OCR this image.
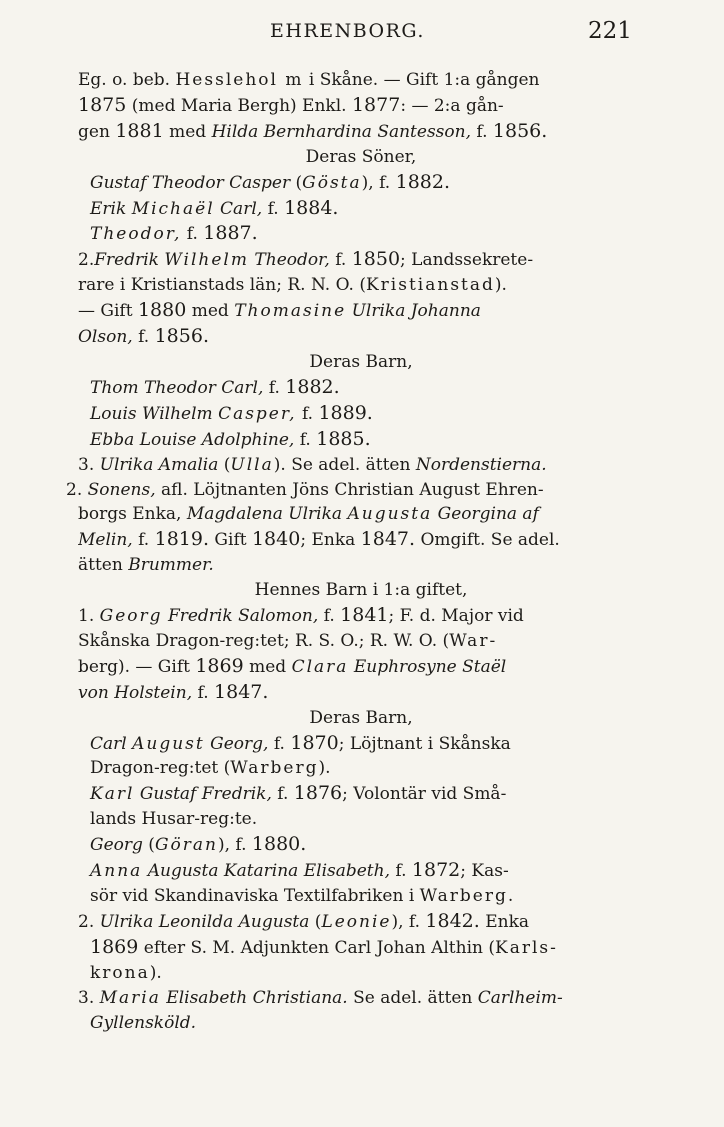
EHRENBORG.	221
Eg. o. beb. Hesslehol m i Skåne. — Gift 1:a gången
1875 (med Maria Bergh) Enkl. 1877: — 2:a gån-
gen 1881 med Hilda Bernhardina Santesson, f. 1856.
Deras Söner,
Gustaf Theodor Casper (Gösta), f. 1882.
Erik Michaël Carl, f. 1884.
Theodor, f. 1887.
2.Fredrik Wilhelm Theodor, f. 1850; Landssekrete-
rare i Kristianstads län; R. N. O. (Kristianstad).
— Gift 1880 med Thomasine Ulrika Johanna
Olson, f. 1856.
Deras Barn,
Thom Theodor Carl, f. 1882.
Louis Wilhelm Casper, f. 1889.
Ebba Louise Adolphine, f. 1885.
3. Ulrika Amalia (Ulla). Se adel. ätten Nordenstierna.
2. Sonens, afl. Löjtnanten Jöns Christian August Ehren-
borgs Enka, Magdalena Ulrika Augusta Georgina af
Melin, f. 1819. Gift 1840; Enka 1847. Omgift. Se adel.
ätten Brummer.
Hennes Barn i 1:a giftet,
1. Georg Fredrik Salomon, f. 1841; F. d. Major vid
Skånska Dragon-reg:tet; R. S. O.; R. W. O. (War-
berg). — Gift 1869 med Clara Euphrosyne Staël
von Holstein, f. 1847.
Deras Barn,
Carl August Georg, f. 1870; Löjtnant i Skånska
Dragon-reg:tet (Warberg).
Karl Gustaf Fredrik, f. 1876; Volontär vid Små-
lands Husar-reg:te.
Georg (Göran), f. 1880.
Anna Augusta Katarina Elisabeth, f. 1872; Kas-
sör vid Skandinaviska Textilfabriken i Warberg.
2. Ulrika Leonilda Augusta (Leonie), f. 1842. Enka
1869 efter S. M. Adjunkten Carl Johan Althin (Karls-
krona).
3. Maria Elisabeth Christiana. Se adel. ätten Carlheim-
Gyllensköld.
